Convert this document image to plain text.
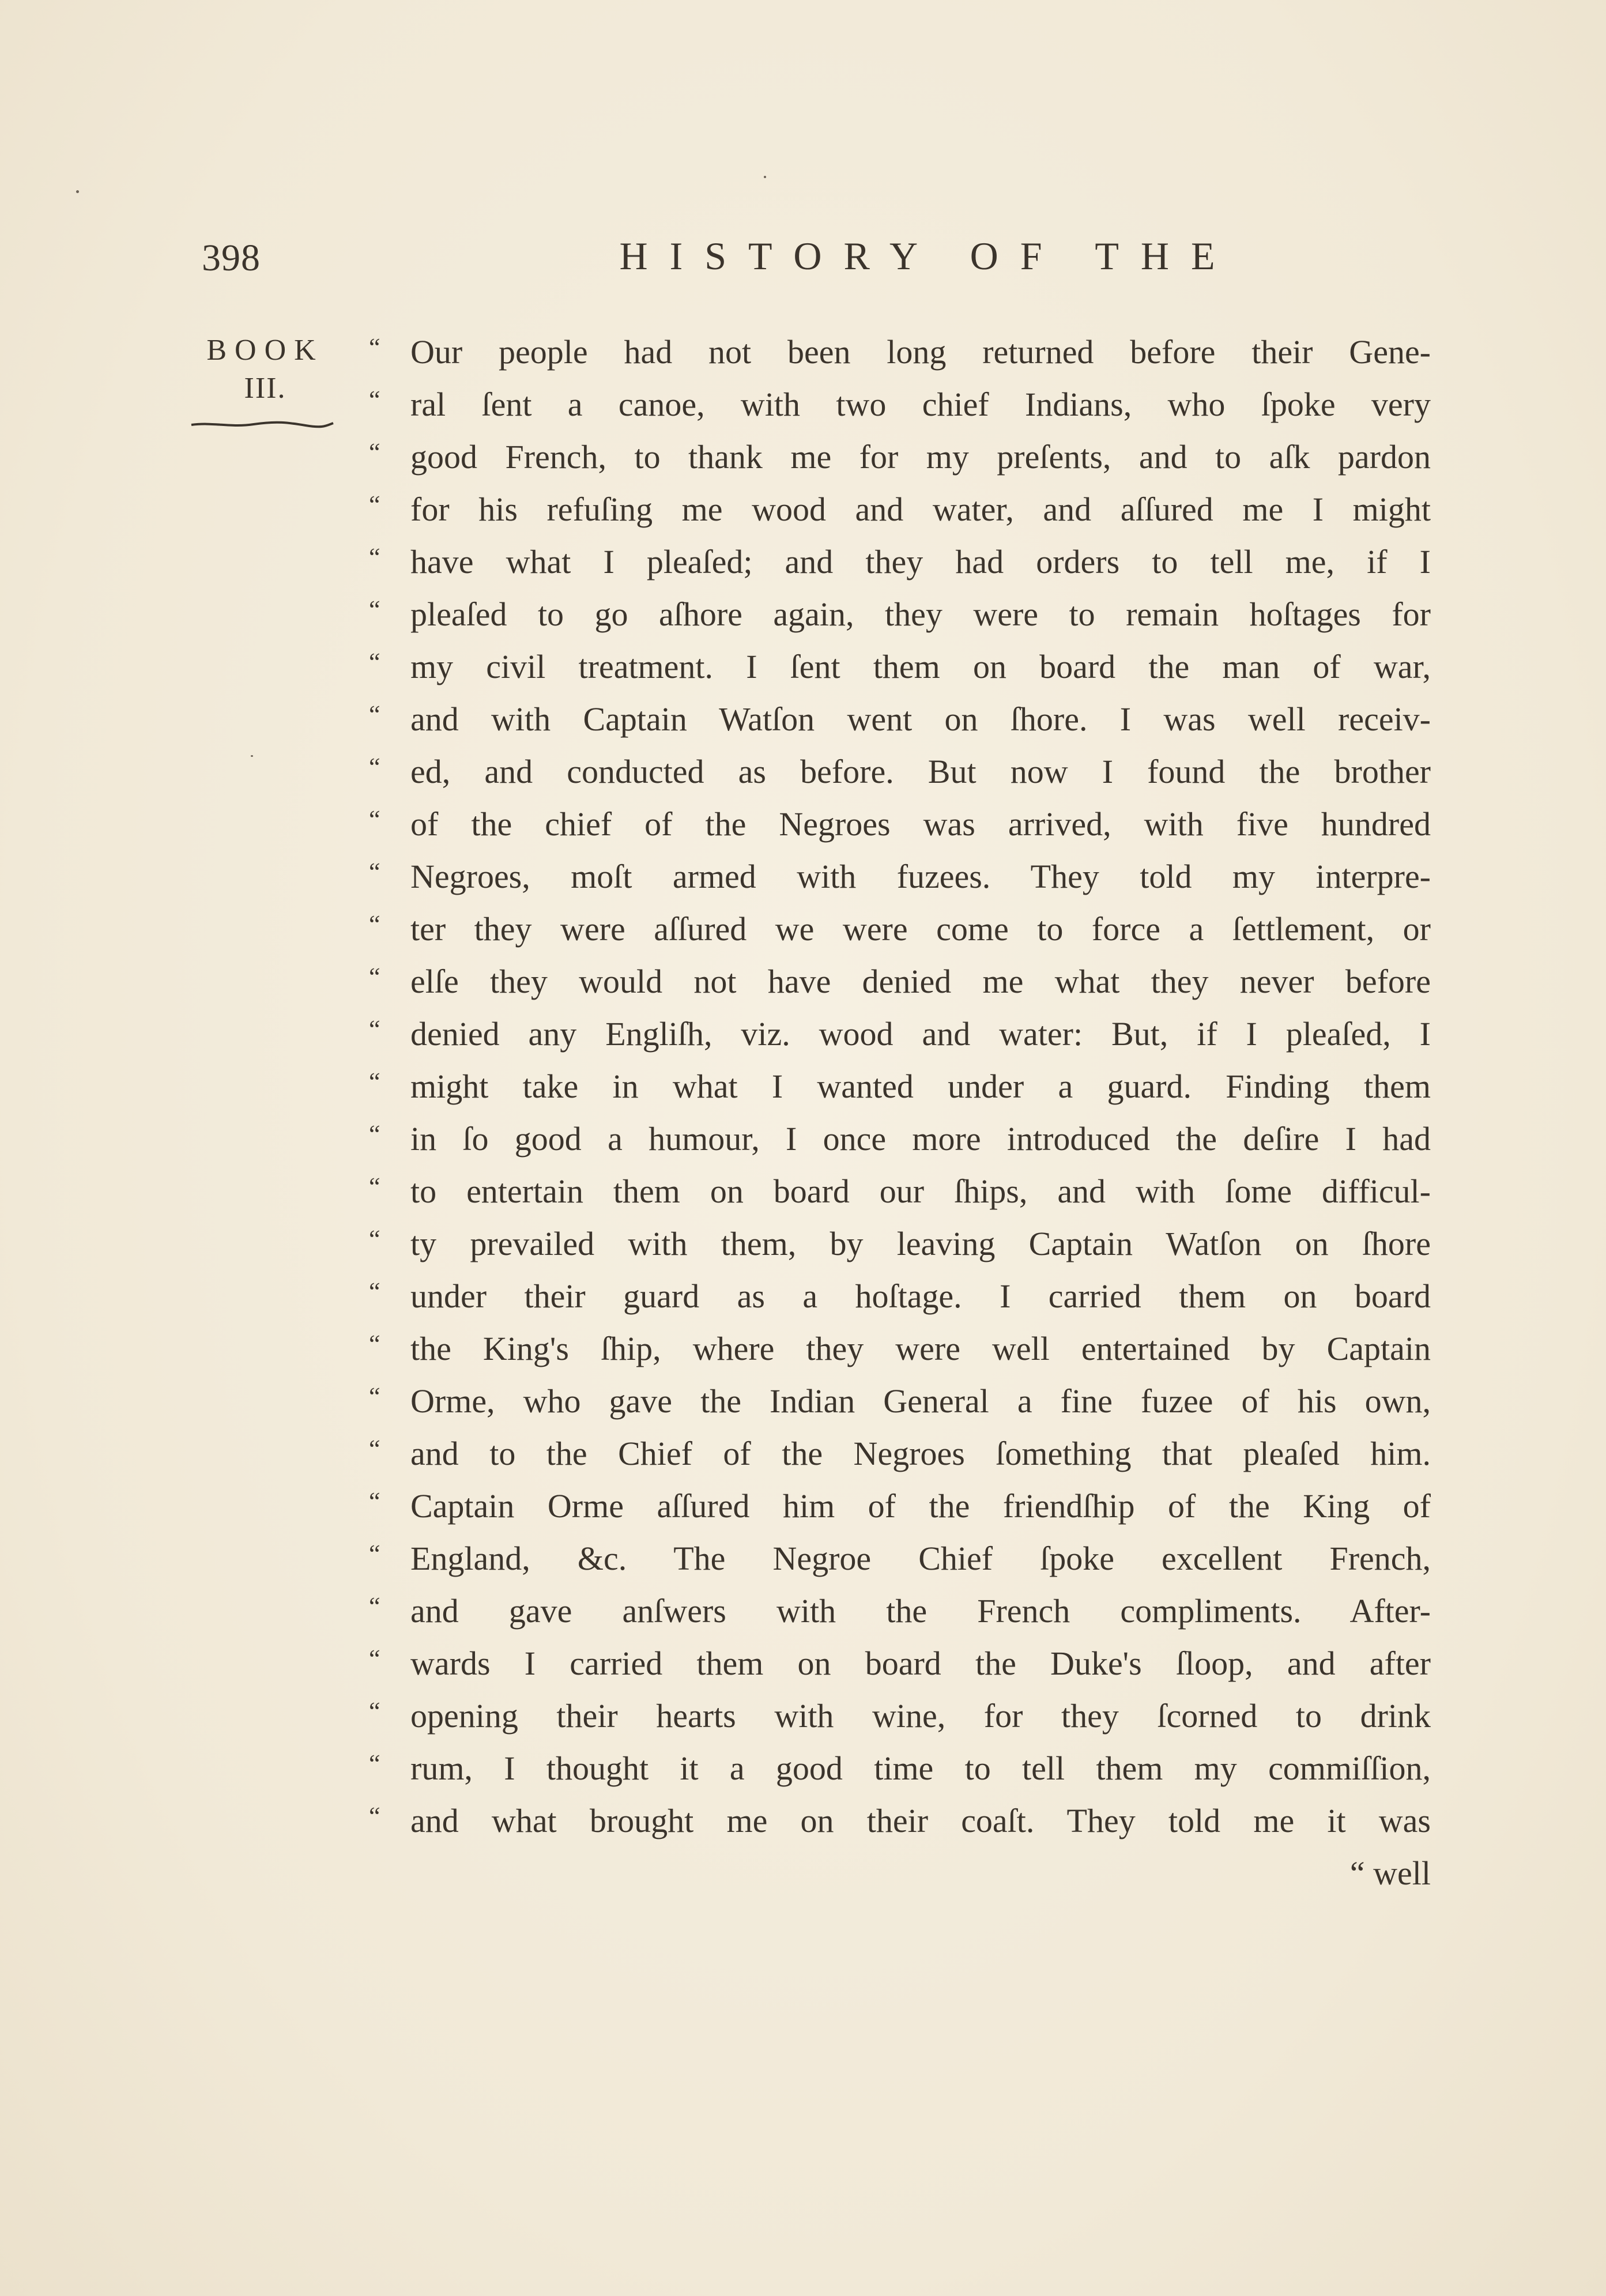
398	HISTORY OF THE
BOOK
III.
“ Our people had not been long returned before their Gene-
“ ral ſent a canoe, with two chief Indians, who ſpoke very
“ good French, to thank me for my preſents, and to aſk pardon
“ for his refuſing me wood and water, and aſſured me I might
“ have what I pleaſed; and they had orders to tell me, if I
“ pleaſed to go aſhore again, they were to remain hoſtages for
“ my civil treatment. I ſent them on board the man of war,
“ and with Captain Watſon went on ſhore. I was well receiv-
“ ed, and conducted as before. But now I found the brother
“ of the chief of the Negroes was arrived, with five hundred
“ Negroes, moſt armed with fuzees. They told my interpre-
“ ter they were aſſured we were come to force a ſettlement, or
“ elſe they would not have denied me what they never before
“ denied any Engliſh, viz. wood and water: But, if I pleaſed, I
“ might take in what I wanted under a guard. Finding them
“ in ſo good a humour, I once more introduced the deſire I had
“ to entertain them on board our ſhips, and with ſome difficul-
“ ty prevailed with them, by leaving Captain Watſon on ſhore
“ under their guard as a hoſtage. I carried them on board
“ the King's ſhip, where they were well entertained by Captain
“ Orme, who gave the Indian General a fine fuzee of his own,
“ and to the Chief of the Negroes ſomething that pleaſed him.
“ Captain Orme aſſured him of the friendſhip of the King of
“ England, &c. The Negroe Chief ſpoke excellent French,
“ and gave anſwers with the French compliments. After-
“ wards I carried them on board the Duke's ſloop, and after
“ opening their hearts with wine, for they ſcorned to drink
“ rum, I thought it a good time to tell them my commiſſion,
“ and what brought me on their coaſt. They told me it was
“ well
